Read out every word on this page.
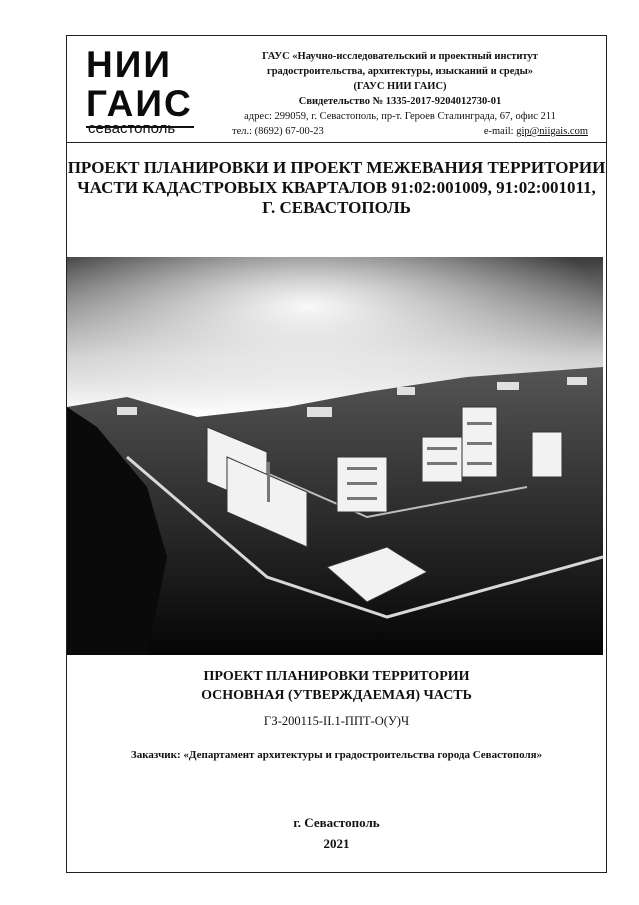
НИИ
ГАИС
севастополь
ГАУС «Научно-исследовательский и проектный институт
градостроительства, архитектуры, изысканий и среды»
(ГАУС НИИ ГАИС)
Свидетельство № 1335-2017-9204012730-01
адрес: 299059, г. Севастополь, пр-т. Героев Сталинграда, 67, офис 211
тел.: (8692) 67-00-23	e-mail: gip@niigais.com
ПРОЕКТ ПЛАНИРОВКИ И ПРОЕКТ МЕЖЕВАНИЯ ТЕРРИТОРИИ
ЧАСТИ КАДАСТРОВЫХ КВАРТАЛОВ 91:02:001009, 91:02:001011,
Г. СЕВАСТОПОЛЬ
ПРОЕКТ ПЛАНИРОВКИ ТЕРРИТОРИИ
ОСНОВНАЯ (УТВЕРЖДАЕМАЯ) ЧАСТЬ
ГЗ-200115-II.1-ППТ-О(У)Ч
Заказчик: «Департамент архитектуры и градостроительства города Севастополя»
г. Севастополь
2021
